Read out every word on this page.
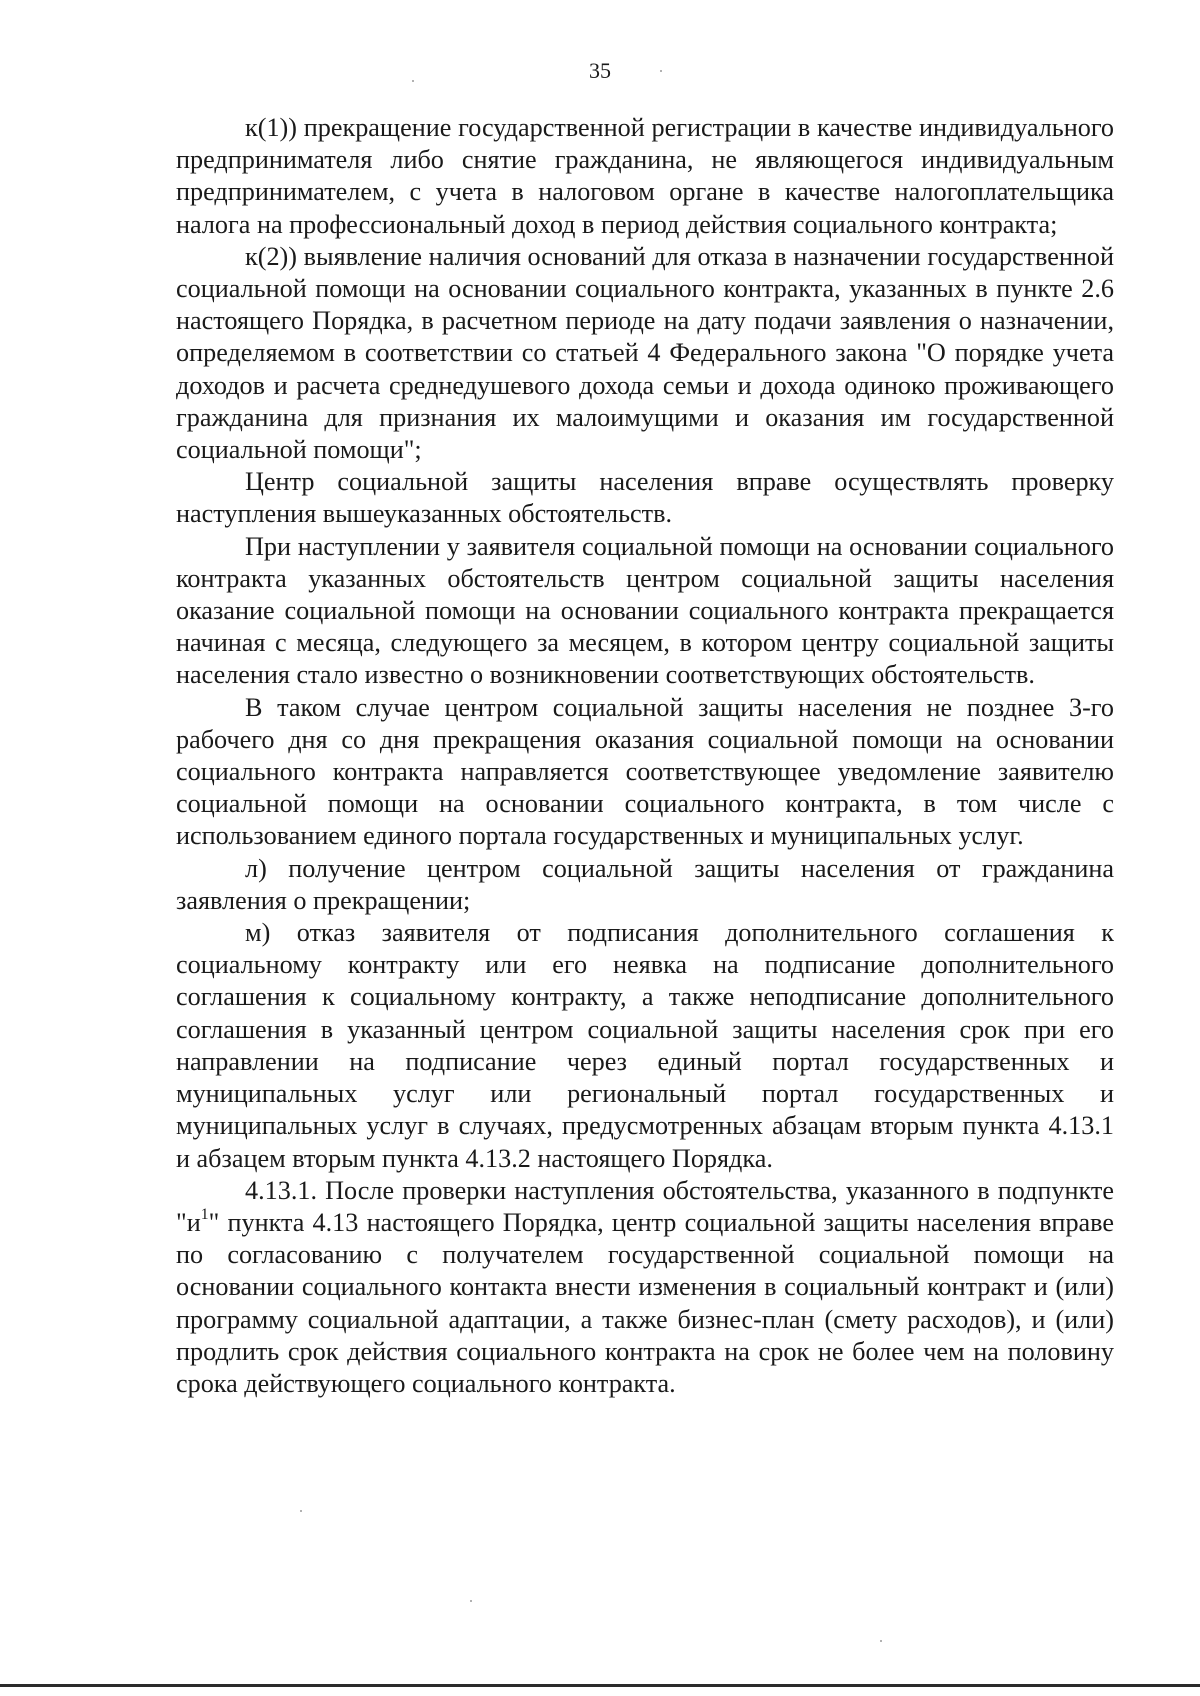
35

к(1)) прекращение государственной регистрации в качестве индивидуального предпринимателя либо снятие гражданина, не являющегося индивидуальным предпринимателем, с учета в налоговом органе в качестве налогоплательщика налога на профессиональный доход в период действия социального контракта;

к(2)) выявление наличия оснований для отказа в назначении государственной социальной помощи на основании социального контракта, указанных в пункте 2.6 настоящего Порядка, в расчетном периоде на дату подачи заявления о назначении, определяемом в соответствии со статьей 4 Федерального закона "О порядке учета доходов и расчета среднедушевого дохода семьи и дохода одиноко проживающего гражданина для признания их малоимущими и оказания им государственной социальной помощи";

Центр социальной защиты населения вправе осуществлять проверку наступления вышеуказанных обстоятельств.

При наступлении у заявителя социальной помощи на основании социального контракта указанных обстоятельств центром социальной защиты населения оказание социальной помощи на основании социального контракта прекращается начиная с месяца, следующего за месяцем, в котором центру социальной защиты населения стало известно о возникновении соответствующих обстоятельств.

В таком случае центром социальной защиты населения не позднее 3-го рабочего дня со дня прекращения оказания социальной помощи на основании социального контракта направляется соответствующее уведомление заявителю социальной помощи на основании социального контракта, в том числе с использованием единого портала государственных и муниципальных услуг.

л) получение центром социальной защиты населения от гражданина заявления о прекращении;

м) отказ заявителя от подписания дополнительного соглашения к социальному контракту или его неявка на подписание дополнительного соглашения к социальному контракту, а также неподписание дополнительного соглашения в указанный центром социальной защиты населения срок при его направлении на подписание через единый портал государственных и муниципальных услуг или региональный портал государственных и муниципальных услуг в случаях, предусмотренных абзацам вторым пункта 4.13.1 и абзацем вторым пункта 4.13.2 настоящего Порядка.

4.13.1. После проверки наступления обстоятельства, указанного в подпункте "$и^1$" пункта 4.13 настоящего Порядка, центр социальной защиты населения вправе по согласованию с получателем государственной социальной помощи на основании социального контакта внести изменения в социальный контракт и (или) программу социальной адаптации, а также бизнес-план (смету расходов), и (или) продлить срок действия социального контракта на срок не более чем на половину срока действующего социального контракта.
